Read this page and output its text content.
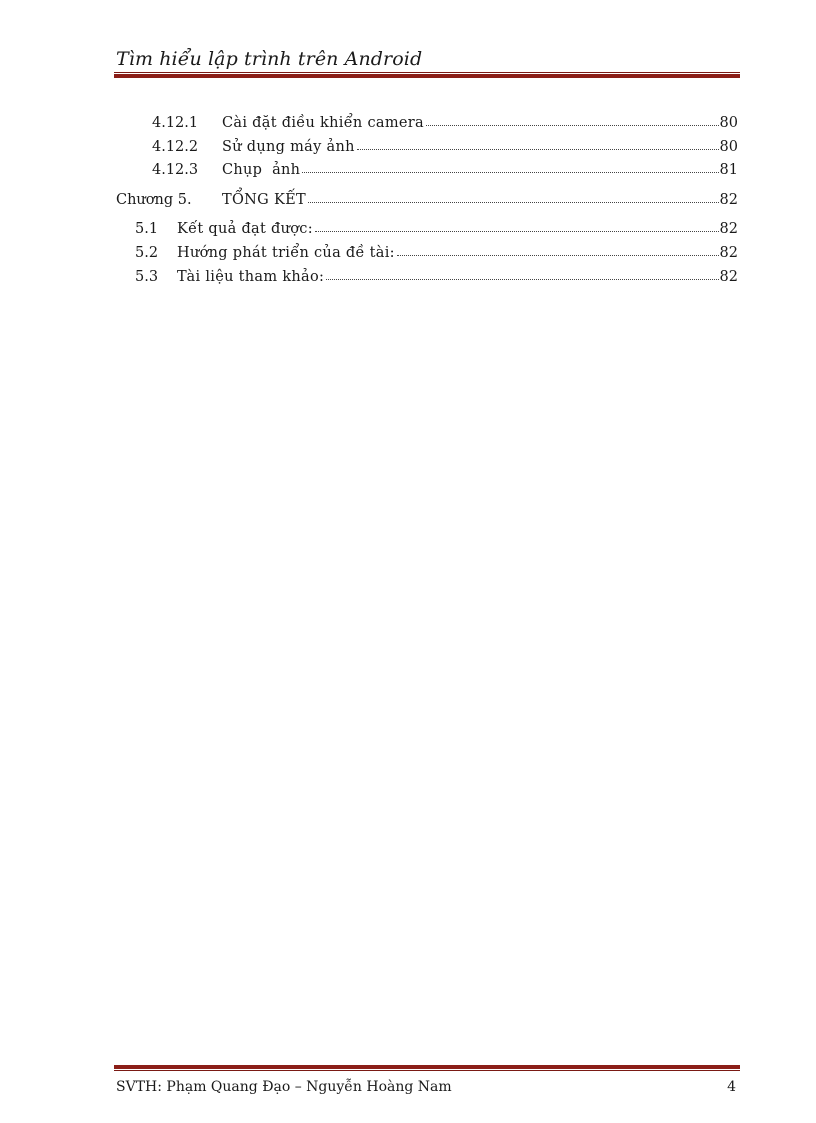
Tìm hiểu lập trình trên Android
4.12.1 Cài đặt điều khiển camera	80
4.12.2 Sử dụng máy ảnh	80
4.12.3 Chụp  ảnh	81
Chương 5. TỔNG KẾT	82
5.1 Kết quả đạt được:	82
5.2 Hướng phát triển của đề tài:	82
5.3 Tài liệu tham khảo:	82
SVTH: Phạm Quang Đạo – Nguyễn Hoàng Nam	4
